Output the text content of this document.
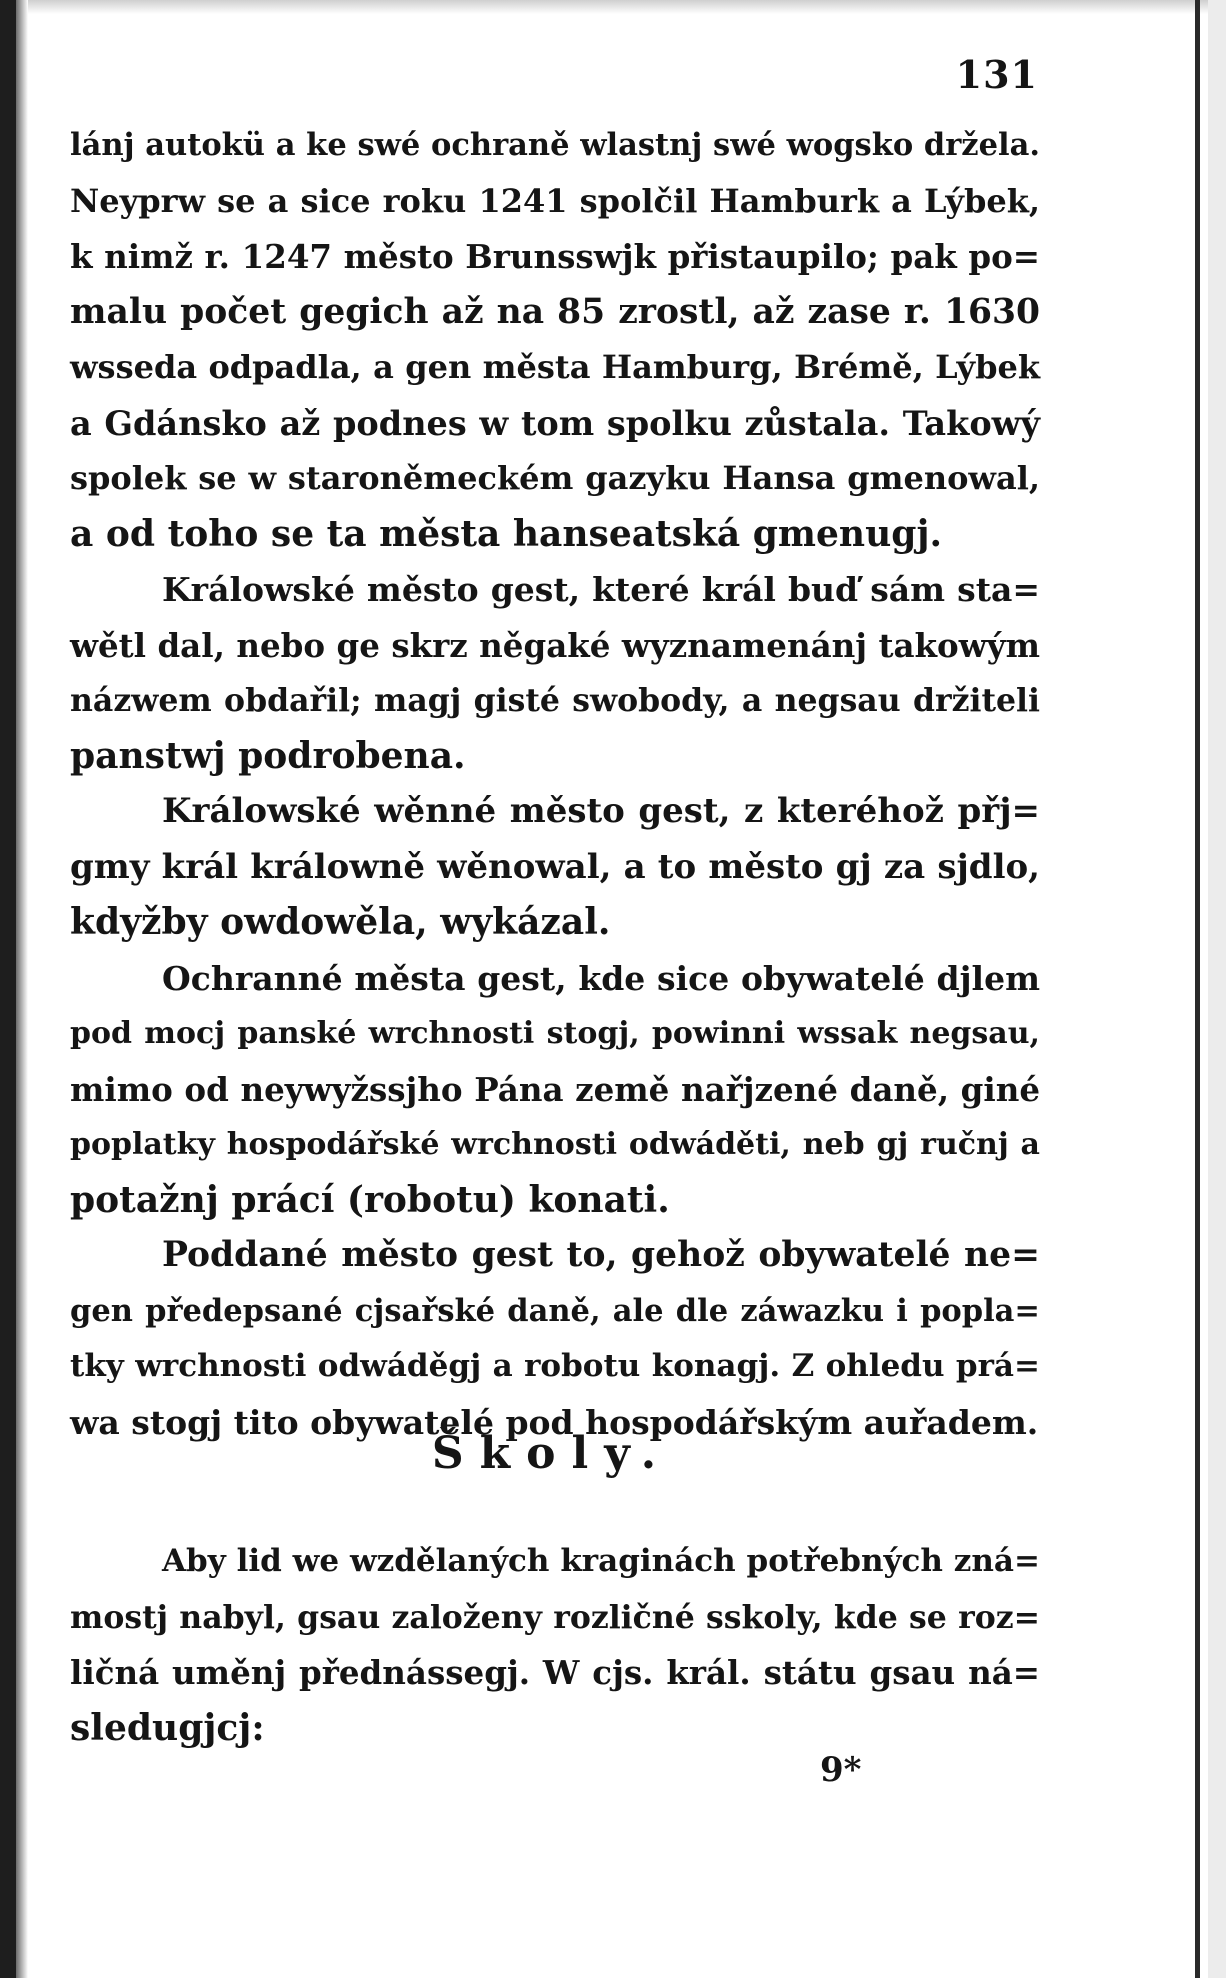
131
lánj autokü a ke swé ochraně wlastnj swé wogsko držela.
Neyprw se a sice roku 1241 spolčil Hamburk a Lýbek,
k nimž r. 1247 město Brunsswjk přistaupilo; pak po=
malu počet gegich až na 85 zrostl, až zase r. 1630
wsseda odpadla, a gen města Hamburg, Brémě, Lýbek
a Gdánsko až podnes w tom spolku zůstala. Takowý
spolek se w staroněmeckém gazyku Hansa gmenowal,
a od toho se ta města hanseatská gmenugj.
Králowské město gest, které král buď sám sta=
wětl dal, nebo ge skrz něgaké wyznamenánj takowým
názwem obdařil; magj gisté swobody, a negsau držiteli
panstwj podrobena.
Králowské wěnné město gest, z kteréhož přj=
gmy král králowně wěnowal, a to město gj za sjdlo,
kdyžby owdowěla, wykázal.
Ochranné města gest, kde sice obywatelé djlem
pod mocj panské wrchnosti stogj, powinni wssak negsau,
mimo od neywyžssjho Pána země nařjzené daně, giné
poplatky hospodářské wrchnosti odwáděti, neb gj ručnj a
potažnj prácí (robotu) konati.
Poddané město gest to, gehož obywatelé ne=
gen předepsané cjsařské daně, ale dle záwazku i popla=
tky wrchnosti odwáděgj a robotu konagj. Z ohledu prá=
wa stogj tito obywatelé pod hospodářským auřadem.
Školy.
Aby lid we wzdělaných kraginách potřebných zná=
mostj nabyl, gsau založeny rozličné sskoly, kde se roz=
ličná uměnj přednássegj. W cjs. král. státu gsau ná=
sledugjcj:
9*
